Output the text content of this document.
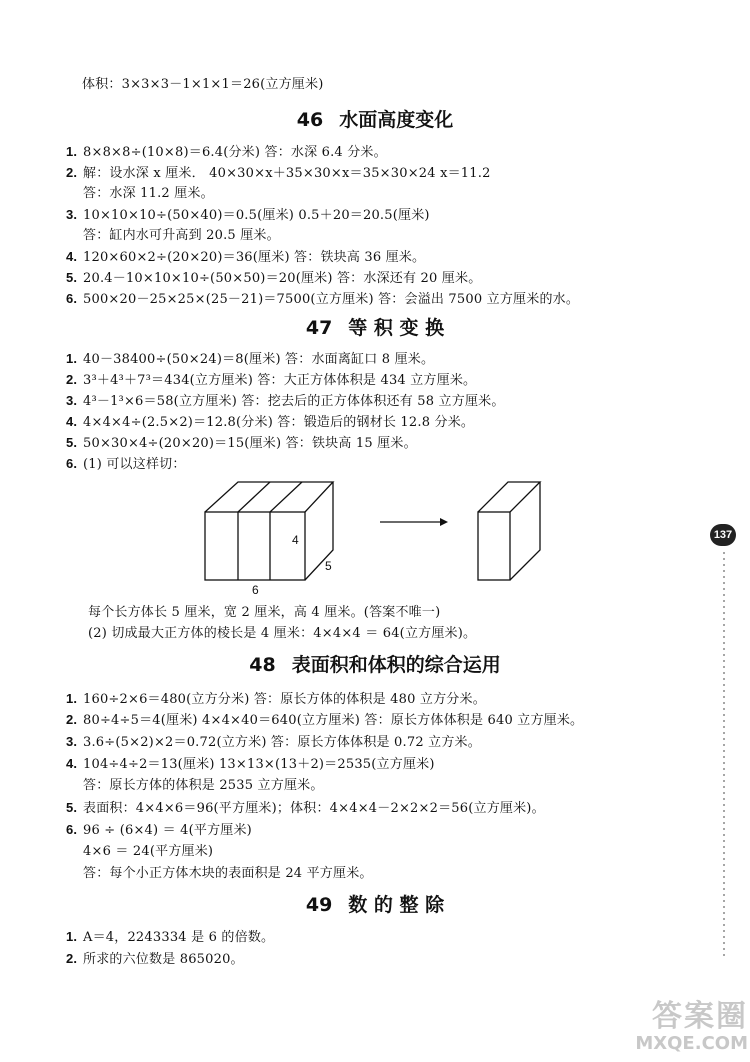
体积：3×3×3－1×1×1＝26(立方厘米)
46 水面高度变化
1. 8×8×8÷(10×8)＝6.4(分米) 答：水深 6.4 分米。
2. 解：设水深 x 厘米． 40×30×x＋35×30×x＝35×30×24 x＝11.2
答：水深 11.2 厘米。
3. 10×10×10÷(50×40)＝0.5(厘米) 0.5＋20＝20.5(厘米)
答：缸内水可升高到 20.5 厘米。
4. 120×60×2÷(20×20)＝36(厘米) 答：铁块高 36 厘米。
5. 20.4－10×10×10÷(50×50)＝20(厘米) 答：水深还有 20 厘米。
6. 500×20－25×25×(25－21)＝7500(立方厘米) 答：会溢出 7500 立方厘米的水。
47 等 积 变 换
1. 40－38400÷(50×24)＝8(厘米) 答：水面离缸口 8 厘米。
2. 3³＋4³＋7³＝434(立方厘米) 答：大正方体体积是 434 立方厘米。
3. 4³－1³×6＝58(立方厘米) 答：挖去后的正方体体积还有 58 立方厘米。
4. 4×4×4÷(2.5×2)＝12.8(分米) 答：锻造后的钢材长 12.8 分米。
5. 50×30×4÷(20×20)＝15(厘米) 答：铁块高 15 厘米。
6. (1) 可以这样切：
4
5
6
每个长方体长 5 厘米，宽 2 厘米，高 4 厘米。(答案不唯一)
(2) 切成最大正方体的棱长是 4 厘米：4×4×4 ＝ 64(立方厘米)。
48 表面积和体积的综合运用
1. 160÷2×6＝480(立方分米) 答：原长方体的体积是 480 立方分米。
2. 80÷4÷5＝4(厘米) 4×4×40＝640(立方厘米) 答：原长方体体积是 640 立方厘米。
3. 3.6÷(5×2)×2＝0.72(立方米) 答：原长方体体积是 0.72 立方米。
4. 104÷4÷2＝13(厘米) 13×13×(13＋2)＝2535(立方厘米)
答：原长方体的体积是 2535 立方厘米。
5. 表面积：4×4×6＝96(平方厘米)；体积：4×4×4－2×2×2＝56(立方厘米)。
6. 96 ÷ (6×4) ＝ 4(平方厘米)
4×6 ＝ 24(平方厘米)
答：每个小正方体木块的表面积是 24 平方厘米。
49 数 的 整 除
1. A＝4，2243334 是 6 的倍数。
2. 所求的六位数是 865020。
137
答案圈
MXQE.COM
